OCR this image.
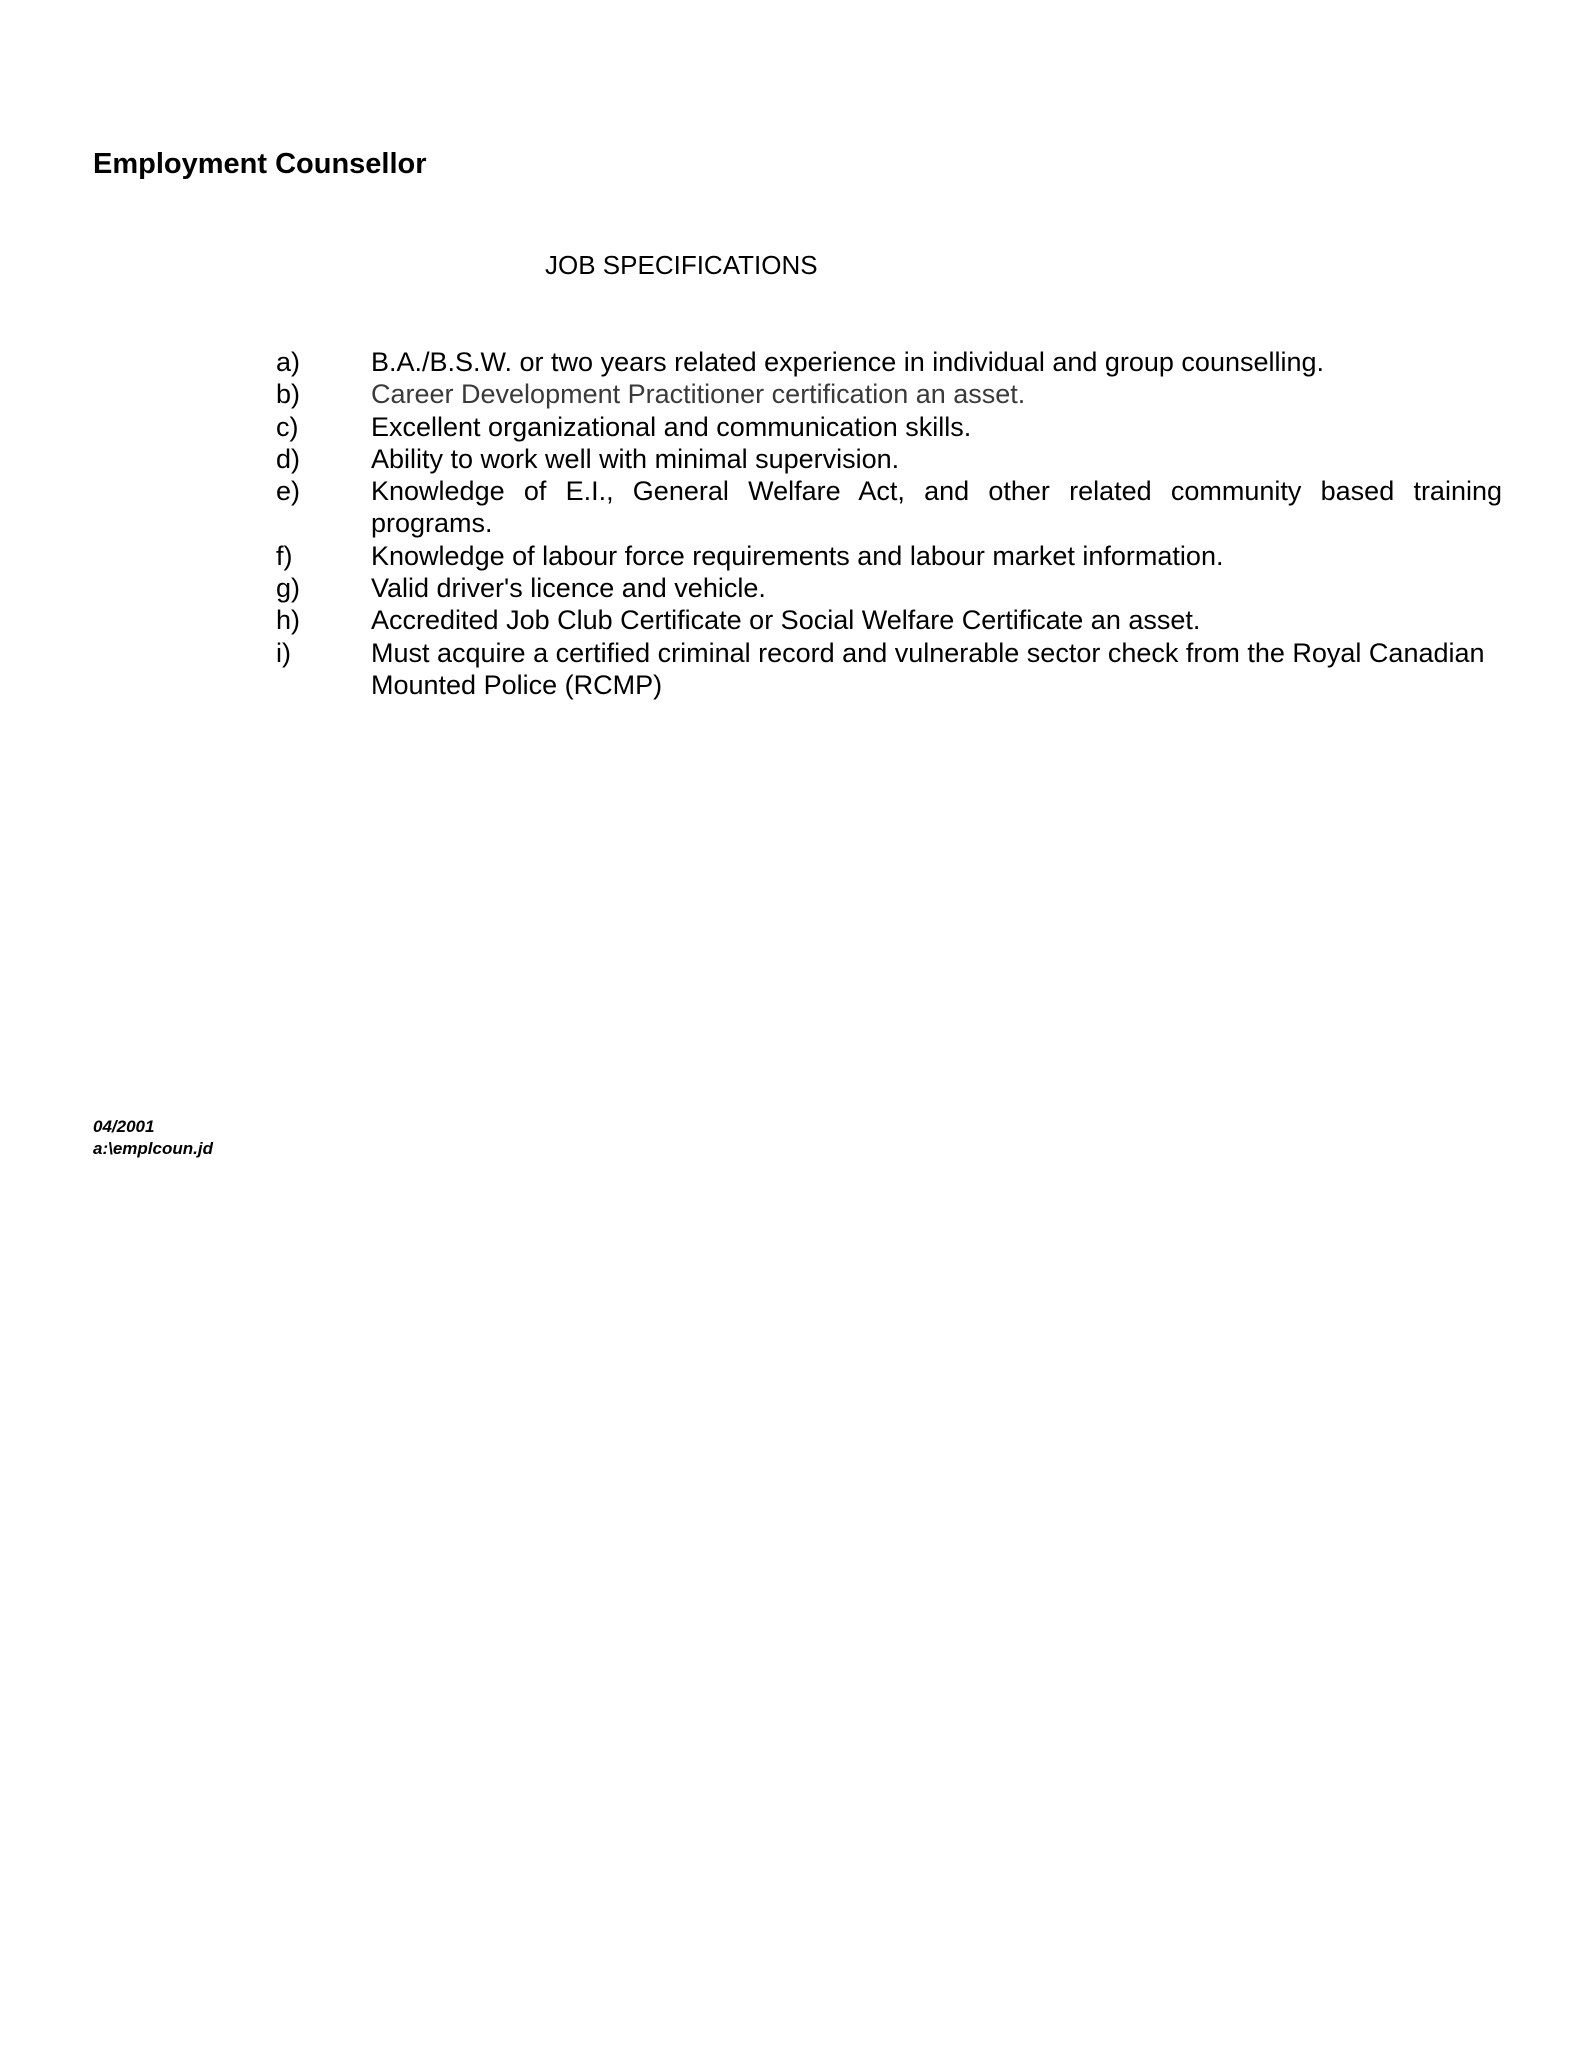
Employment Counsellor
JOB SPECIFICATIONS
a)	B.A./B.S.W. or two years related experience in individual and group counselling.
b)	Career Development Practitioner certification an asset.
c)	Excellent organizational and communication skills.
d)	Ability to work well with minimal supervision.
e)	Knowledge of E.I., General Welfare Act, and other related community based training programs.
f)	Knowledge of labour force requirements and labour market information.
g)	Valid driver's licence and vehicle.
h)	Accredited Job Club Certificate or Social Welfare Certificate an asset.
i)	Must acquire a certified criminal record and vulnerable sector check from the Royal Canadian Mounted Police (RCMP)
04/2001
a:\emplcoun.jd
